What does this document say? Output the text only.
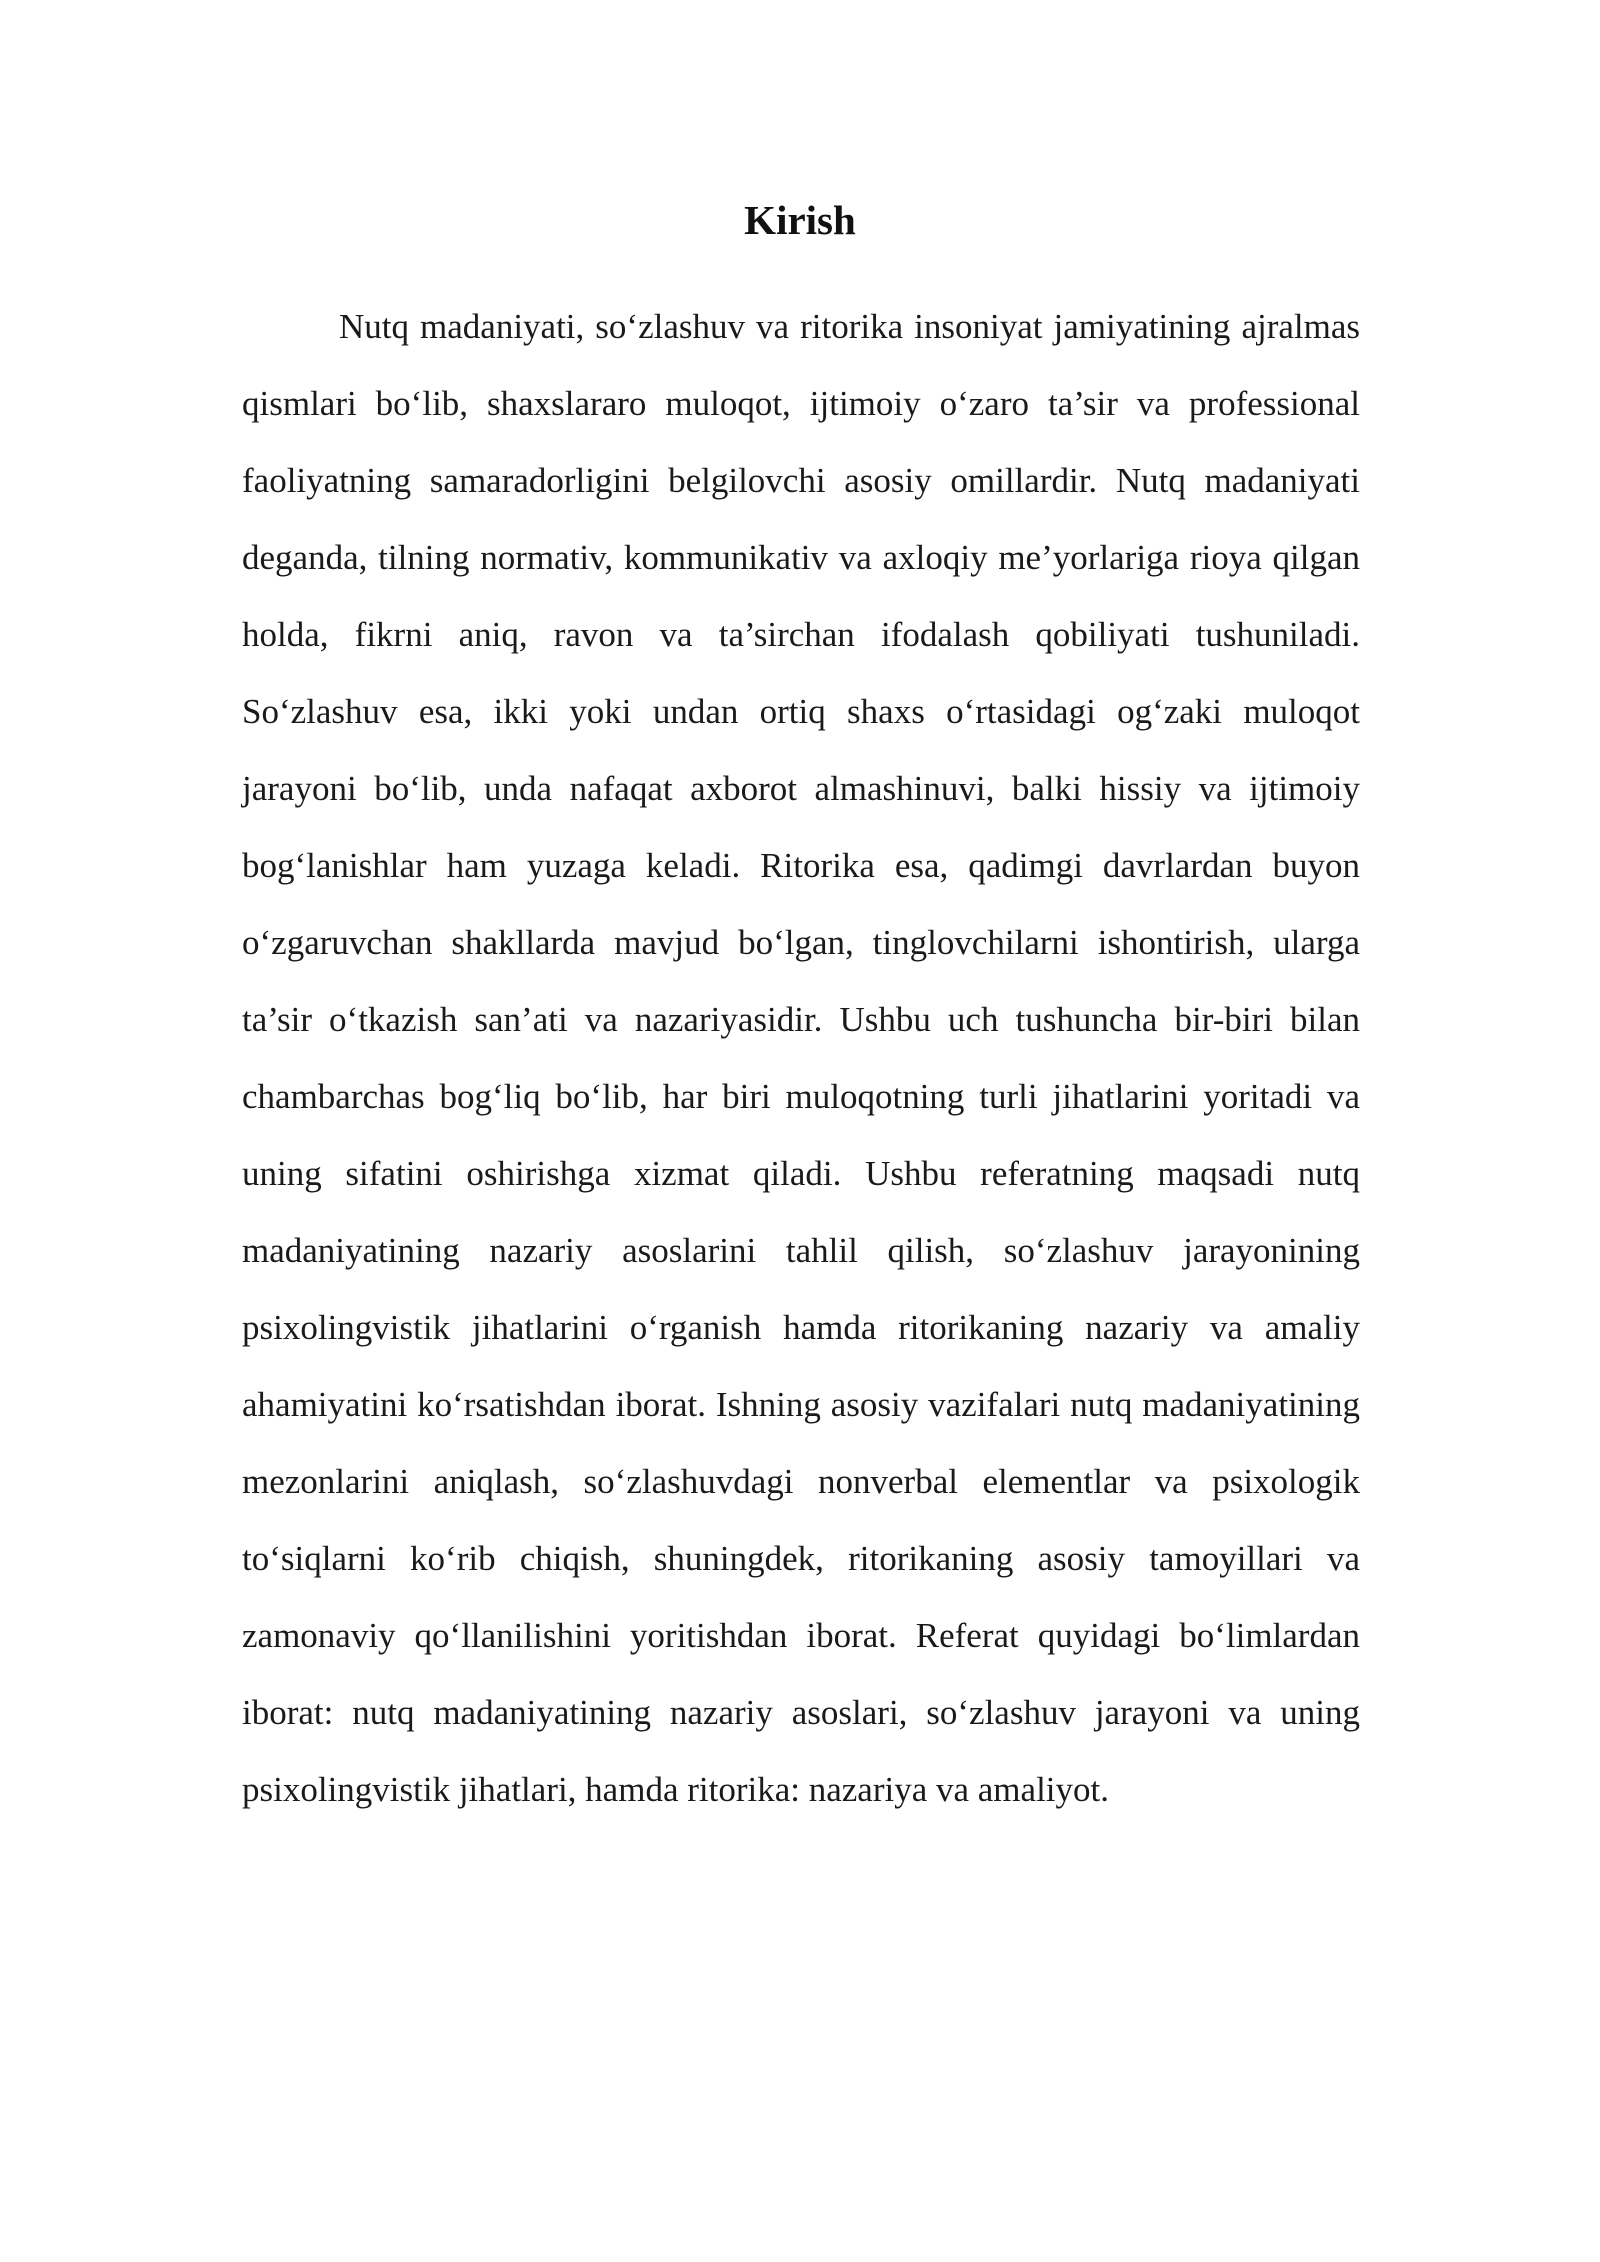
Kirish

Nutq madaniyati, so‘zlashuv va ritorika insoniyat jamiyatining ajralmas qismlari bo‘lib, shaxslararo muloqot, ijtimoiy o‘zaro ta’sir va professional faoliyatning samaradorligini belgilovchi asosiy omillardir. Nutq madaniyati deganda, tilning normativ, kommunikativ va axloqiy me’yorlariga rioya qilgan holda, fikrni aniq, ravon va ta’sirchan ifodalash qobiliyati tushuniladi. So‘zlashuv esa, ikki yoki undan ortiq shaxs o‘rtasidagi og‘zaki muloqot jarayoni bo‘lib, unda nafaqat axborot almashinuvi, balki hissiy va ijtimoiy bog‘lanishlar ham yuzaga keladi. Ritorika esa, qadimgi davrlardan buyon o‘zgaruvchan shakllarda mavjud bo‘lgan, tinglovchilarni ishontirish, ularga ta’sir o‘tkazish san’ati va nazariyasidir. Ushbu uch tushuncha bir-biri bilan chambarchas bog‘liq bo‘lib, har biri muloqotning turli jihatlarini yoritadi va uning sifatini oshirishga xizmat qiladi. Ushbu referatning maqsadi nutq madaniyatining nazariy asoslarini tahlil qilish, so‘zlashuv jarayonining psixolingvistik jihatlarini o‘rganish hamda ritorikaning nazariy va amaliy ahamiyatini ko‘rsatishdan iborat. Ishning asosiy vazifalari nutq madaniyatining mezonlarini aniqlash, so‘zlashuvdagi nonverbal elementlar va psixologik to‘siqlarni ko‘rib chiqish, shuningdek, ritorikaning asosiy tamoyillari va zamonaviy qo‘llanilishini yoritishdan iborat. Referat quyidagi bo‘limlardan iborat: nutq madaniyatining nazariy asoslari, so‘zlashuv jarayoni va uning psixolingvistik jihatlari, hamda ritorika: nazariya va amaliyot.
